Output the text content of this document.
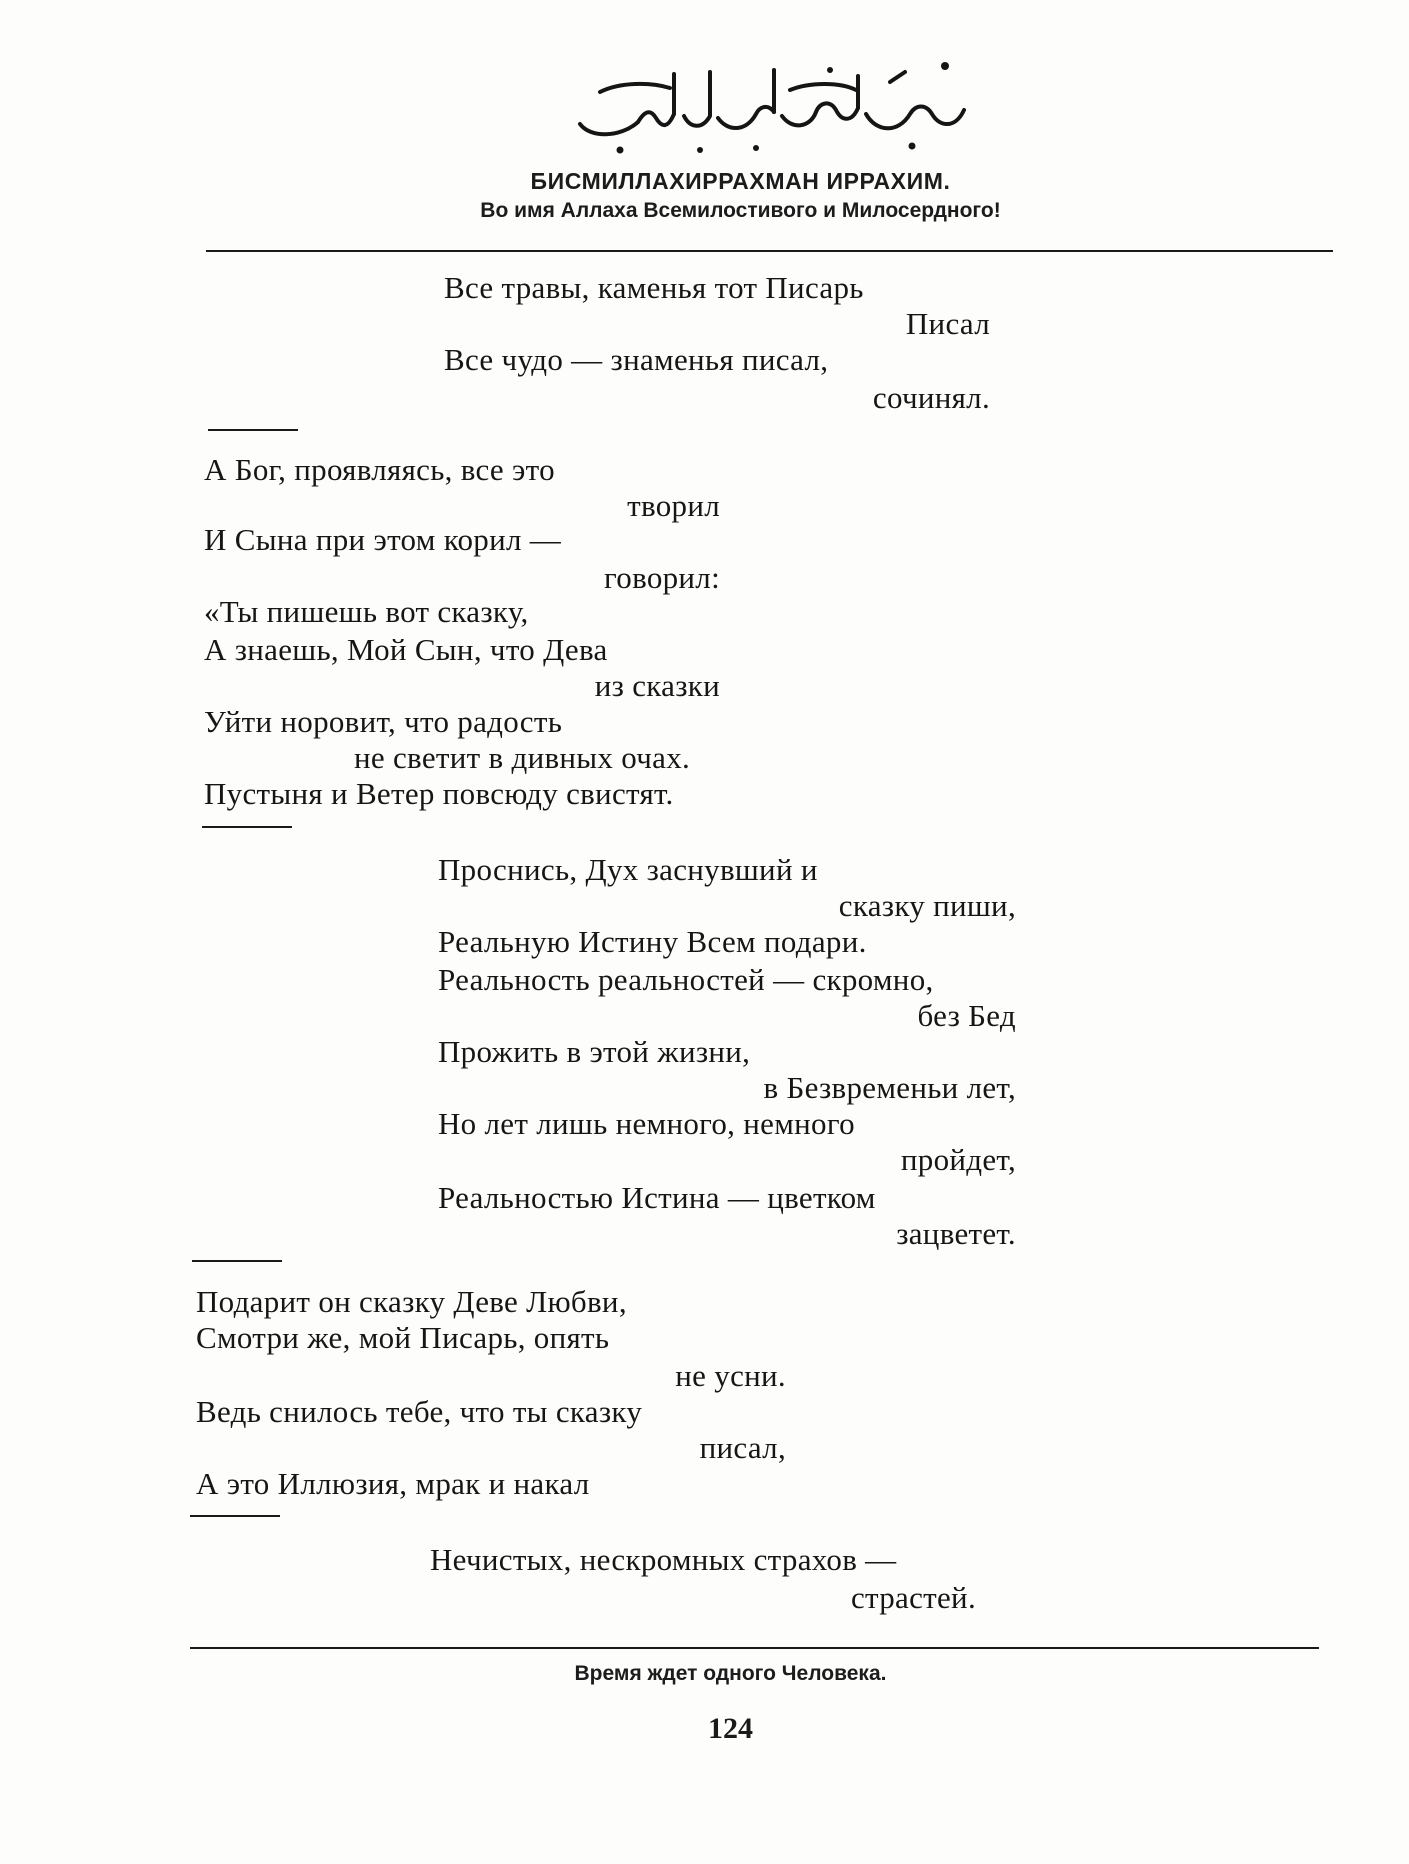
БИСМИЛЛАХИРРАХМАН ИРРАХИМ.
Во имя Аллаха Всемилостивого и Милосердного!
Все травы, каменья тот Писарь
Писал
Все чудо — знаменья писал,
сочинял.
А Бог, проявляясь, все это
творил
И Сына при этом корил —
говорил:
«Ты пишешь вот сказку,
А знаешь, Мой Сын, что Дева
из сказки
Уйти норовит, что радость
не светит в дивных очах.
Пустыня и Ветер повсюду свистят.
Проснись, Дух заснувший и
сказку пиши,
Реальную Истину Всем подари.
Реальность реальностей — скромно,
без Бед
Прожить в этой жизни,
в Безвременьи лет,
Но лет лишь немного, немного
пройдет,
Реальностью Истина — цветком
зацветет.
Подарит он сказку Деве Любви,
Смотри же, мой Писарь, опять
не усни.
Ведь снилось тебе, что ты сказку
писал,
А это Иллюзия, мрак и накал
Нечистых, нескромных страхов —
страстей.
Время ждет одного Человека.
124
